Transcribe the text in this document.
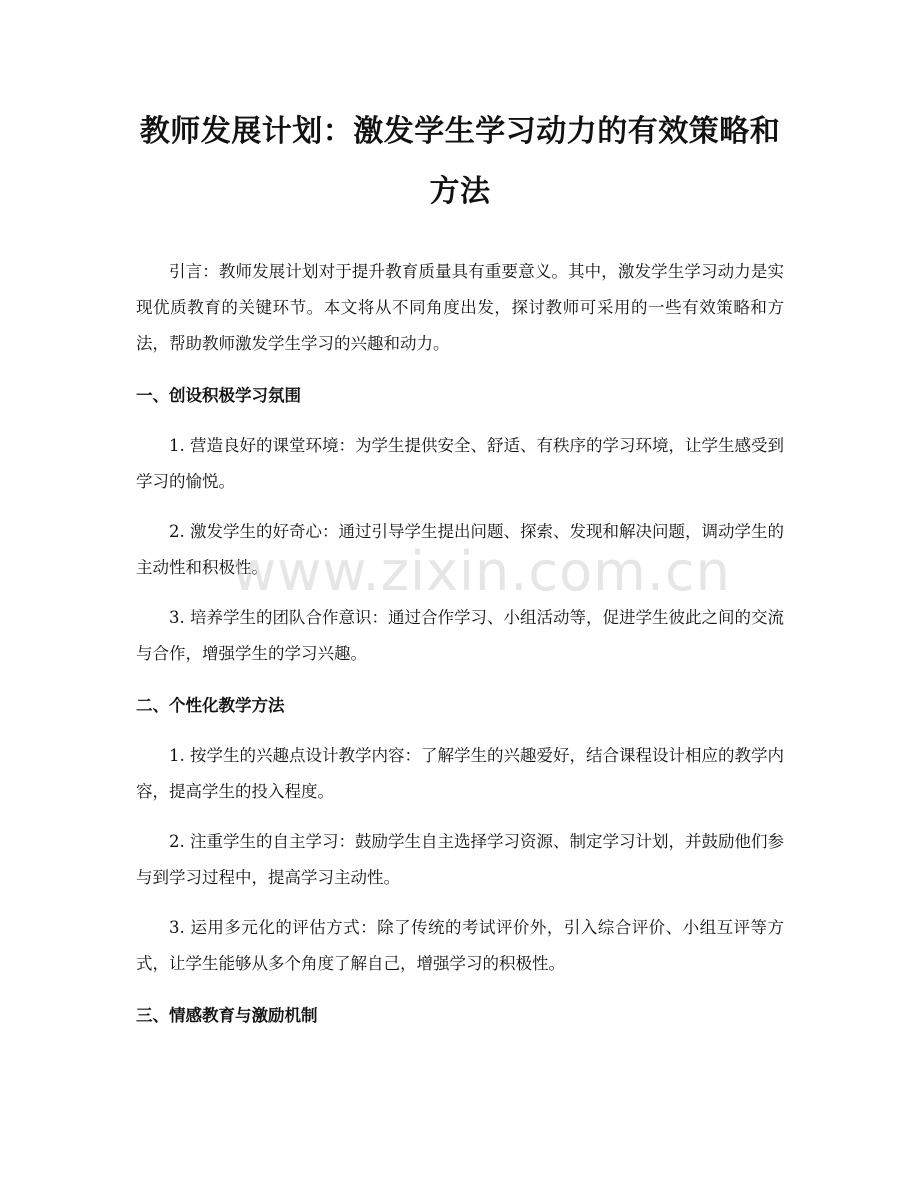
教师发展计划：激发学生学习动力的有效策略和方法

引言：教师发展计划对于提升教育质量具有重要意义。其中，激发学生学习动力是实现优质教育的关键环节。本文将从不同角度出发，探讨教师可采用的一些有效策略和方法，帮助教师激发学生学习的兴趣和动力。

一、创设积极学习氛围

1. 营造良好的课堂环境：为学生提供安全、舒适、有秩序的学习环境，让学生感受到学习的愉悦。

2. 激发学生的好奇心：通过引导学生提出问题、探索、发现和解决问题，调动学生的主动性和积极性。

3. 培养学生的团队合作意识：通过合作学习、小组活动等，促进学生彼此之间的交流与合作，增强学生的学习兴趣。

二、个性化教学方法

1. 按学生的兴趣点设计教学内容：了解学生的兴趣爱好，结合课程设计相应的教学内容，提高学生的投入程度。

2. 注重学生的自主学习：鼓励学生自主选择学习资源、制定学习计划，并鼓励他们参与到学习过程中，提高学习主动性。

3. 运用多元化的评估方式：除了传统的考试评价外，引入综合评价、小组互评等方式，让学生能够从多个角度了解自己，增强学习的积极性。

三、情感教育与激励机制
www.zixin.com.cn
